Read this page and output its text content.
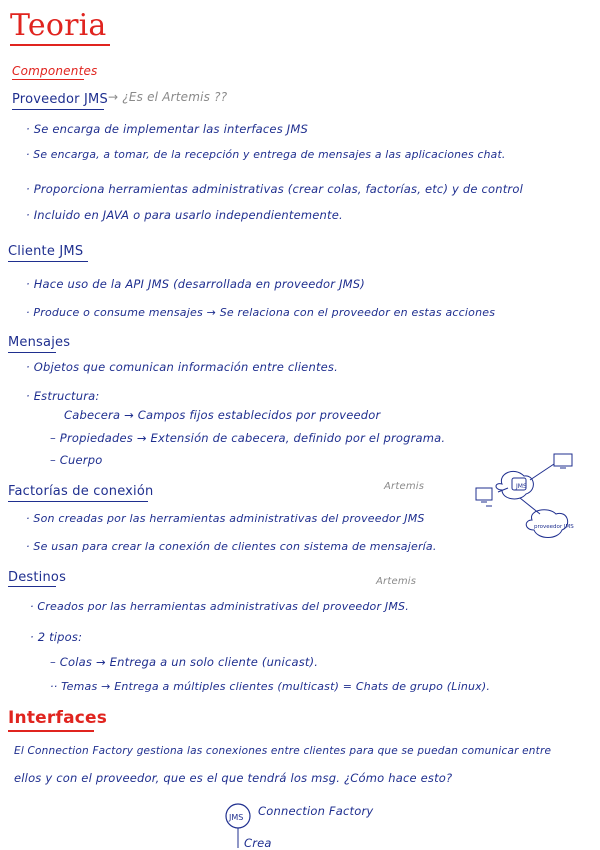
Teoria
Componentes
Proveedor JMS → ¿Es el Artemis ??
· Se encarga de implementar las interfaces JMS
· Se encarga, a tomar, de la recepción y entrega de mensajes a las aplicaciones chat.
· Proporciona herramientas administrativas (crear colas, factorías, etc) y de control
· Incluido en JAVA o para usarlo independientemente.
Cliente JMS
· Hace uso de la API JMS (desarrollada en proveedor JMS)
· Produce o consume mensajes → Se relaciona con el proveedor en estas acciones
Mensajes
· Objetos que comunican información entre clientes.
· Estructura:
Cabecera → Campos fijos establecidos por proveedor
– Propiedades → Extensión de cabecera, definido por el programa.
– Cuerpo
Factorías de conexión	Artemis
· Son creadas por las herramientas administrativas del proveedor JMS
· Se usan para crear la conexión de clientes con sistema de mensajería.
JMS
proveedor JMS
Destinos	Artemis
· Creados por las herramientas administrativas del proveedor JMS.
· 2 tipos:
– Colas → Entrega a un solo cliente (unicast).
·· Temas → Entrega a múltiples clientes (multicast) = Chats de grupo (Linux).
Interfaces
El Connection Factory gestiona las conexiones entre clientes para que se puedan comunicar entre
ellos y con el proveedor, que es el que tendrá los msg. ¿Cómo hace esto?
JMS Connection Factory
Crea
